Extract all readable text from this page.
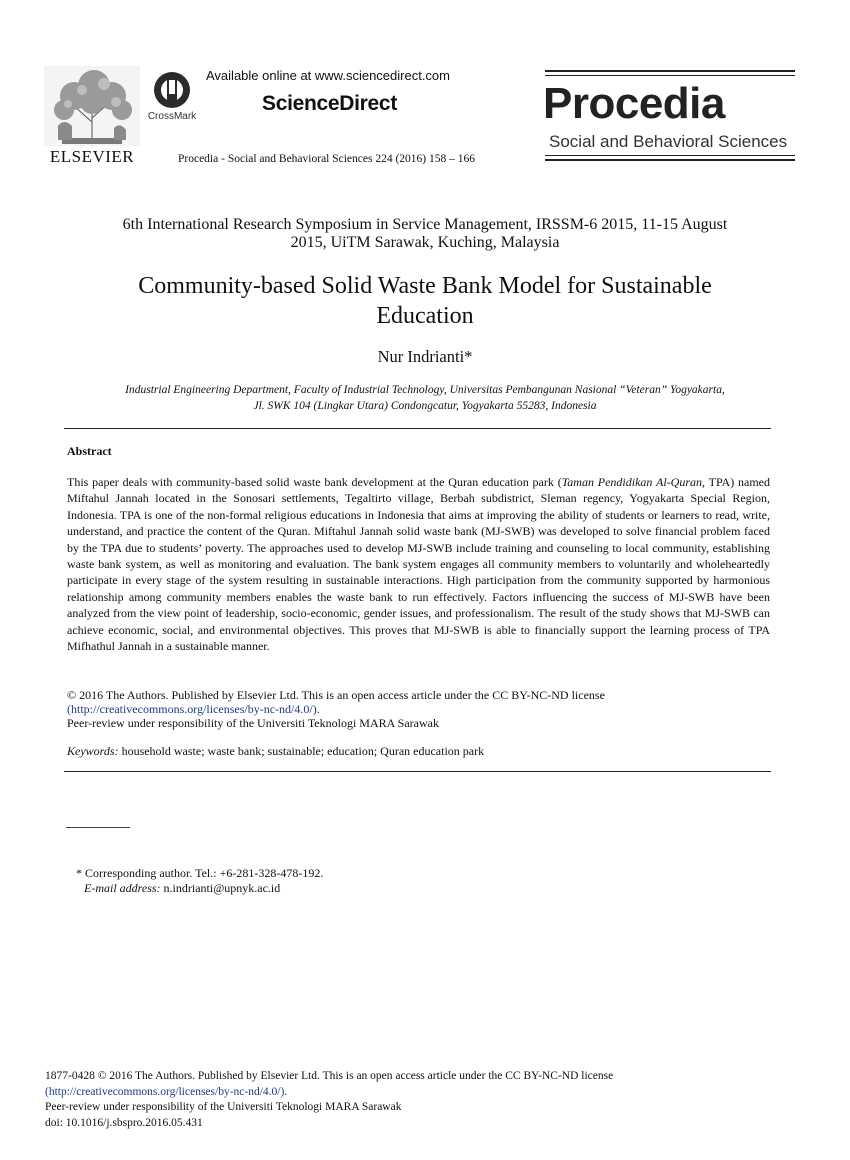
ELSEVIER
CrossMark
Available online at www.sciencedirect.com
ScienceDirect
Procedia - Social and Behavioral Sciences 224 (2016) 158 – 166
Procedia
Social and Behavioral Sciences
6th International Research Symposium in Service Management, IRSSM-6 2015, 11-15 August
2015, UiTM Sarawak, Kuching, Malaysia
Community-based Solid Waste Bank Model for Sustainable
Education
Nur Indrianti*
Industrial Engineering Department, Faculty of Industrial Technology, Universitas Pembangunan Nasional “Veteran” Yogyakarta,
Jl. SWK 104 (Lingkar Utara) Condongcatur, Yogyakarta 55283, Indonesia
Abstract
This paper deals with community-based solid waste bank development at the Quran education park (Taman Pendidikan Al-Quran, TPA) named Miftahul Jannah located in the Sonosari settlements, Tegaltirto village, Berbah subdistrict, Sleman regency, Yogyakarta Special Region, Indonesia. TPA is one of the non-formal religious educations in Indonesia that aims at improving the ability of students or learners to read, write, understand, and practice the content of the Quran. Miftahul Jannah solid waste bank (MJ-SWB) was developed to solve financial problem faced by the TPA due to students’ poverty. The approaches used to develop MJ-SWB include training and counseling to local community, establishing waste bank system, as well as monitoring and evaluation. The bank system engages all community members to voluntarily and wholeheartedly participate in every stage of the system resulting in sustainable interactions. High participation from the community supported by harmonious relationship among community members enables the waste bank to run effectively. Factors influencing the success of MJ-SWB have been analyzed from the view point of leadership, socio-economic, gender issues, and professionalism. The result of the study shows that MJ-SWB can achieve economic, social, and environmental objectives. This proves that MJ-SWB is able to financially support the learning process of TPA Mifhathul Jannah in a sustainable manner.
© 2016 The Authors. Published by Elsevier Ltd. This is an open access article under the CC BY-NC-ND license
(http://creativecommons.org/licenses/by-nc-nd/4.0/).
Peer-review under responsibility of the Universiti Teknologi MARA Sarawak
Keywords: household waste; waste bank; sustainable; education; Quran education park
* Corresponding author. Tel.: +6-281-328-478-192.
E-mail address: n.indrianti@upnyk.ac.id
1877-0428 © 2016 The Authors. Published by Elsevier Ltd. This is an open access article under the CC BY-NC-ND license
(http://creativecommons.org/licenses/by-nc-nd/4.0/).
Peer-review under responsibility of the Universiti Teknologi MARA Sarawak
doi: 10.1016/j.sbspro.2016.05.431
